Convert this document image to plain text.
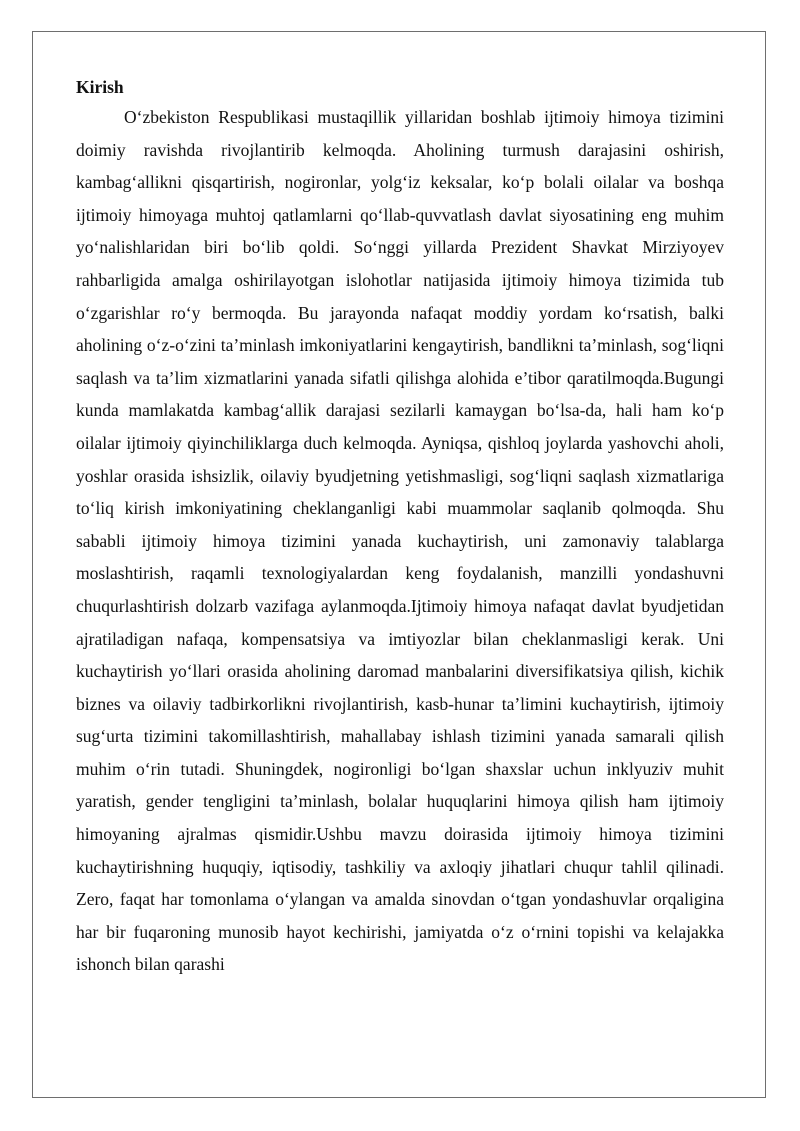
Kirish

O‘zbekiston Respublikasi mustaqillik yillaridan boshlab ijtimoiy himoya tizimini doimiy ravishda rivojlantirib kelmoqda. Aholining turmush darajasini oshirish, kambag‘allikni qisqartirish, nogironlar, yolg‘iz keksalar, ko‘p bolali oilalar va boshqa ijtimoiy himoyaga muhtoj qatlamlarni qo‘llab-quvvatlash davlat siyosatining eng muhim yo‘nalishlaridan biri bo‘lib qoldi. So‘nggi yillarda Prezident Shavkat Mirziyoyev rahbarligida amalga oshirilayotgan islohotlar natijasida ijtimoiy himoya tizimida tub o‘zgarishlar ro‘y bermoqda. Bu jarayonda nafaqat moddiy yordam ko‘rsatish, balki aholining o‘z-o‘zini ta’minlash imkoniyatlarini kengaytirish, bandlikni ta’minlash, sog‘liqni saqlash va ta’lim xizmatlarini yanada sifatli qilishga alohida e’tibor qaratilmoqda.Bugungi kunda mamlakatda kambag‘allik darajasi sezilarli kamaygan bo‘lsa-da, hali ham ko‘p oilalar ijtimoiy qiyinchiliklarga duch kelmoqda. Ayniqsa, qishloq joylarda yashovchi aholi, yoshlar orasida ishsizlik, oilaviy byudjetning yetishmasligi, sog‘liqni saqlash xizmatlariga to‘liq kirish imkoniyatining cheklanganligi kabi muammolar saqlanib qolmoqda. Shu sababli ijtimoiy himoya tizimini yanada kuchaytirish, uni zamonaviy talablarga moslashtirish, raqamli texnologiyalardan keng foydalanish, manzilli yondashuvni chuqurlashtirish dolzarb vazifaga aylanmoqda.Ijtimoiy himoya nafaqat davlat byudjetidan ajratiladigan nafaqa, kompensatsiya va imtiyozlar bilan cheklanmasligi kerak. Uni kuchaytirish yo‘llari orasida aholining daromad manbalarini diversifikatsiya qilish, kichik biznes va oilaviy tadbirkorlikni rivojlantirish, kasb-hunar ta’limini kuchaytirish, ijtimoiy sug‘urta tizimini takomillashtirish, mahallabay ishlash tizimini yanada samarali qilish muhim o‘rin tutadi. Shuningdek, nogironligi bo‘lgan shaxslar uchun inklyuziv muhit yaratish, gender tengligini ta’minlash, bolalar huquqlarini himoya qilish ham ijtimoiy himoyaning ajralmas qismidir.Ushbu mavzu doirasida ijtimoiy himoya tizimini kuchaytirishning huquqiy, iqtisodiy, tashkiliy va axloqiy jihatlari chuqur tahlil qilinadi. Zero, faqat har tomonlama o‘ylangan va amalda sinovdan o‘tgan yondashuvlar orqaligina har bir fuqaroning munosib hayot kechirishi, jamiyatda o‘z o‘rnini topishi va kelajakka ishonch bilan qarashi
